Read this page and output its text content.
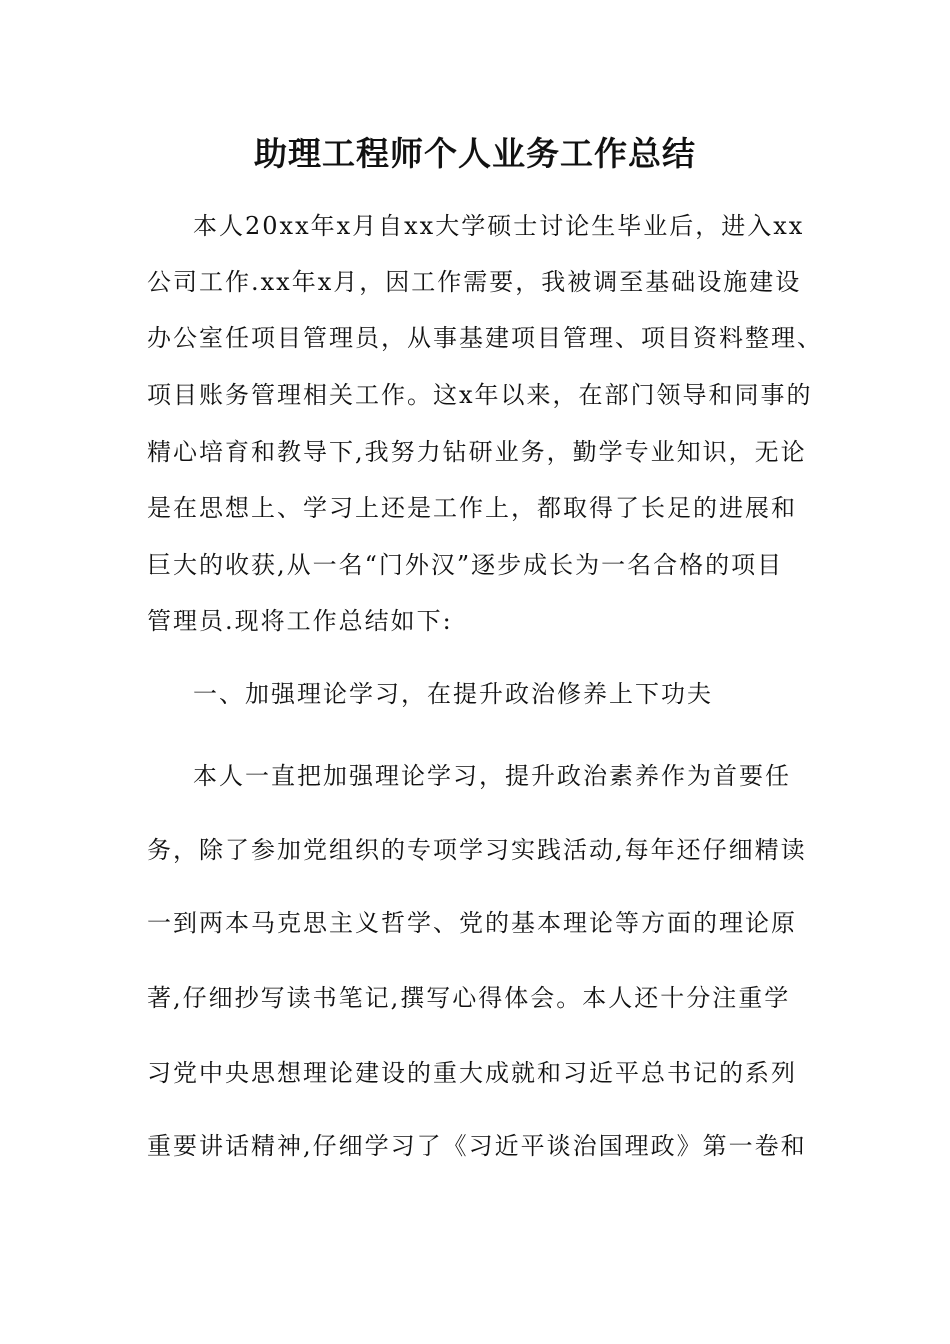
助理工程师个人业务工作总结
本人20xx年x月自xx大学硕士讨论生毕业后，进入xx
公司工作.xx年x月，因工作需要，我被调至基础设施建设
办公室任项目管理员，从事基建项目管理、项目资料整理、
项目账务管理相关工作。这x年以来，在部门领导和同事的
精心培育和教导下,我努力钻研业务，勤学专业知识，无论
是在思想上、学习上还是工作上，都取得了长足的进展和
巨大的收获,从一名“门外汉”逐步成长为一名合格的项目
管理员.现将工作总结如下:
一、加强理论学习，在提升政治修养上下功夫
本人一直把加强理论学习，提升政治素养作为首要任
务，除了参加党组织的专项学习实践活动,每年还仔细精读
一到两本马克思主义哲学、党的基本理论等方面的理论原
著,仔细抄写读书笔记,撰写心得体会。本人还十分注重学
习党中央思想理论建设的重大成就和习近平总书记的系列
重要讲话精神,仔细学习了《习近平谈治国理政》第一卷和
